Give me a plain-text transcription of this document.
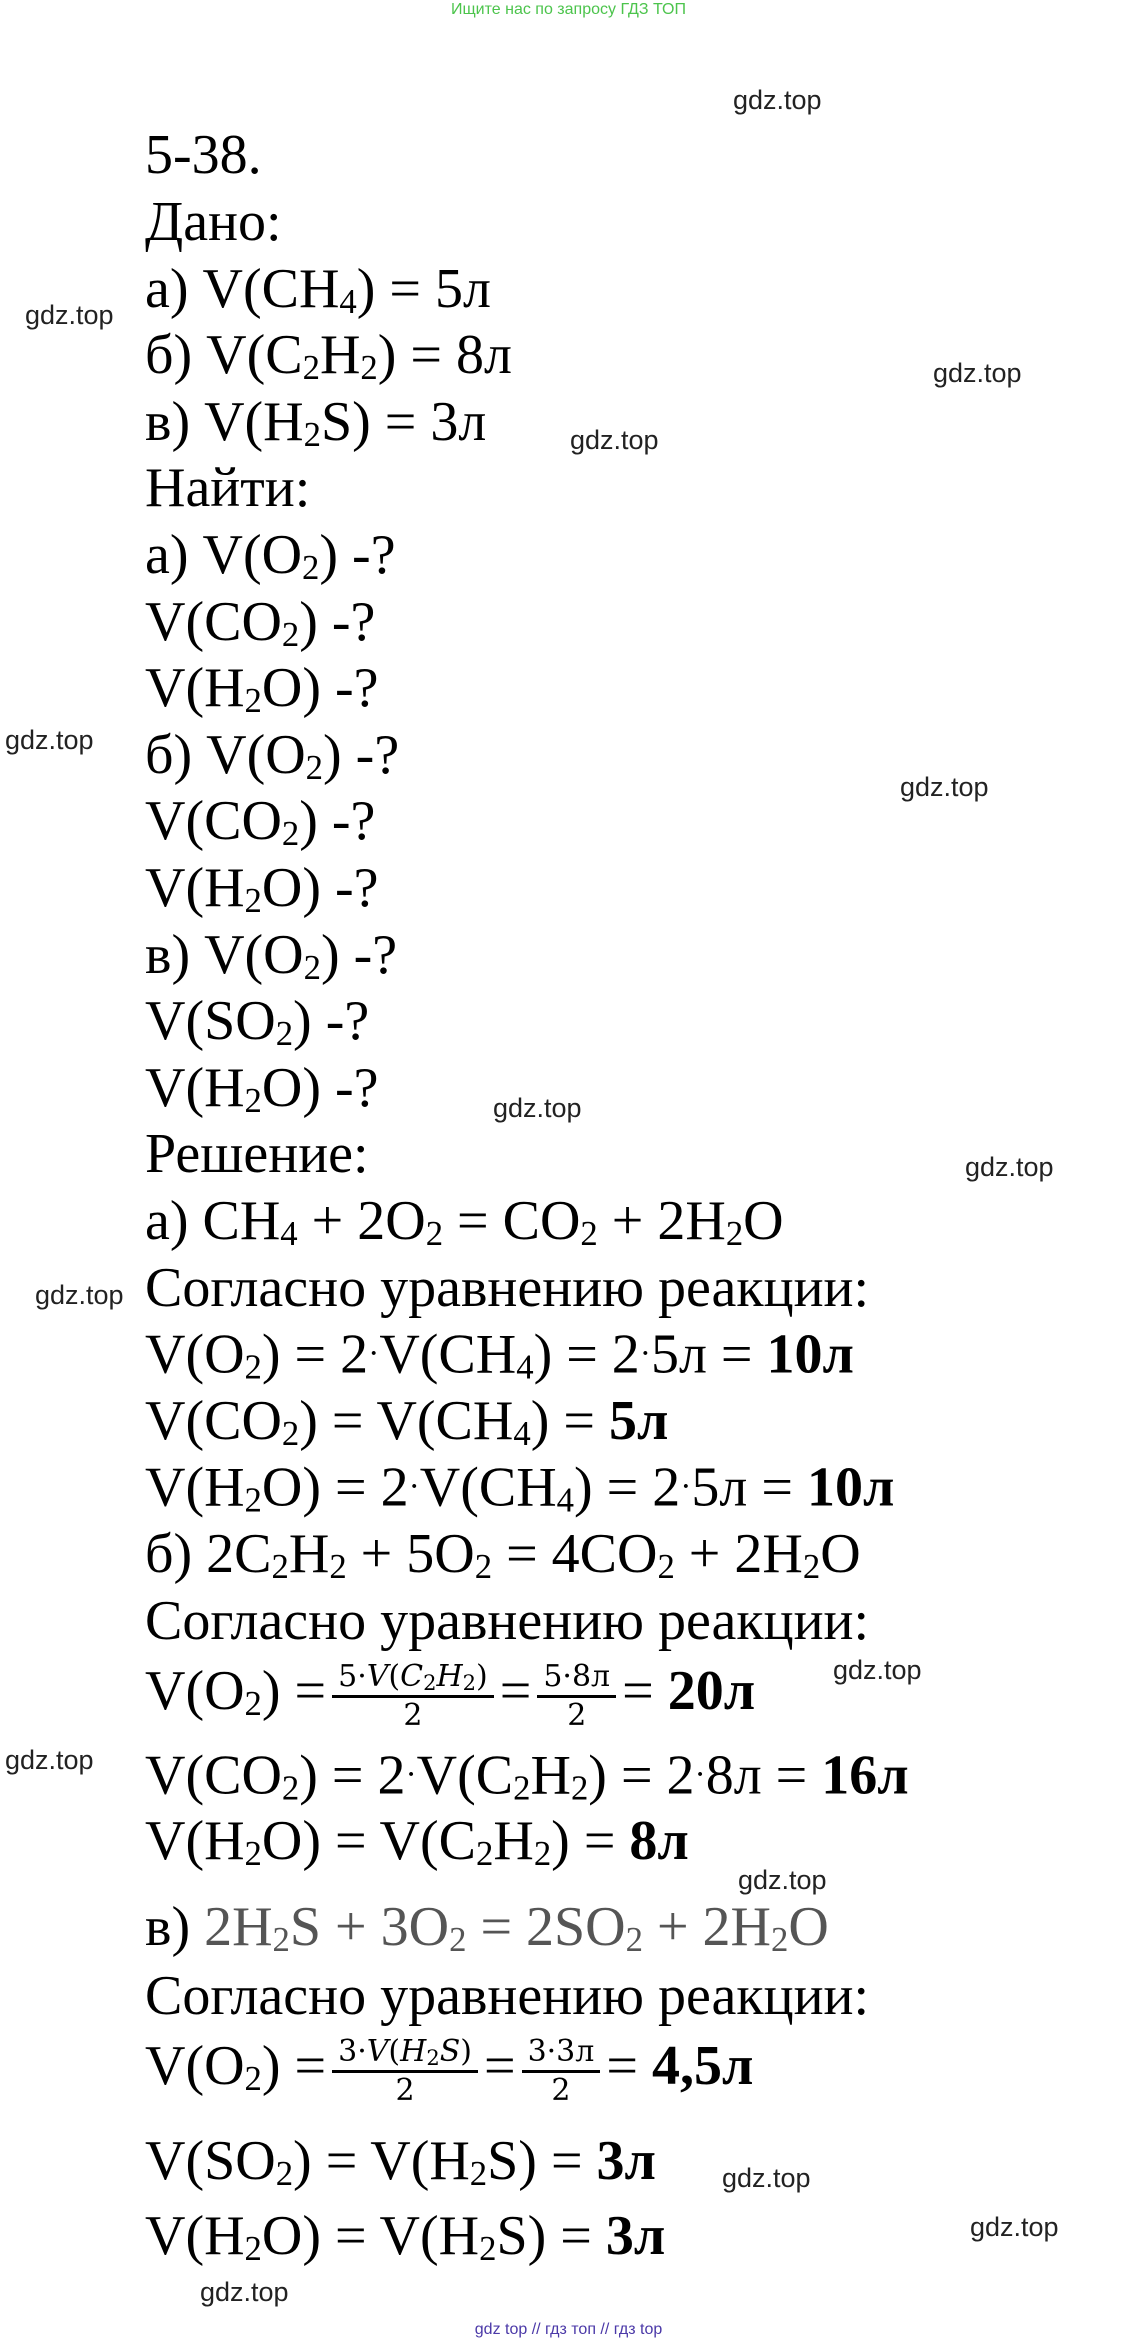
Ищите нас по запросу ГДЗ ТОП
gdz.top
gdz.top
gdz.top
gdz.top
gdz.top
gdz.top
gdz.top
gdz.top
gdz.top
gdz.top
gdz.top
gdz.top
gdz.top
gdz.top
gdz.top
5-38.
Дано:
а) $V(CH_4) = 5л$
б) $V(C_2H_2) = 8л$
в) $V(H_2S) = 3л$
Найти:
а) $V(O_2)$ -?
$V(CO_2)$ -?
$V(H_2O)$ -?
б) $V(O_2)$ -?
$V(CO_2)$ -?
$V(H_2O)$ -?
в) $V(O_2)$ -?
$V(SO_2)$ -?
$V(H_2O)$ -?
Решение:
а) $CH_4 + 2O_2 = CO_2 + 2H_2O$
Согласно уравнению реакции:
$V(O_2) = 2\cdot V(CH_4) = 2\cdot 5л = 10л$
$V(CO_2) = V(CH_4) = 5л$
$V(H_2O) = 2\cdot V(CH_4) = 2\cdot 5л = 10л$
б) $2C_2H_2 + 5O_2 = 4CO_2 + 2H_2O$
Согласно уравнению реакции:
$V(O_2) = \frac{5\cdot V(C_2H_2)}{2} = \frac{5\cdot 8л}{2} = 20л$
$V(CO_2) = 2\cdot V(C_2H_2) = 2\cdot 8л = 16л$
$V(H_2O) = V(C_2H_2) = 8л$
в) $2H_2S + 3O_2 = 2SO_2 + 2H_2O$
Согласно уравнению реакции:
$V(O_2) = \frac{3\cdot V(H_2S)}{2} = \frac{3\cdot 3л}{2} = 4,5л$
$V(SO_2) = V(H_2S) = 3л$
$V(H_2O) = V(H_2S) = 3л$
gdz top // гдз топ // гдз top
